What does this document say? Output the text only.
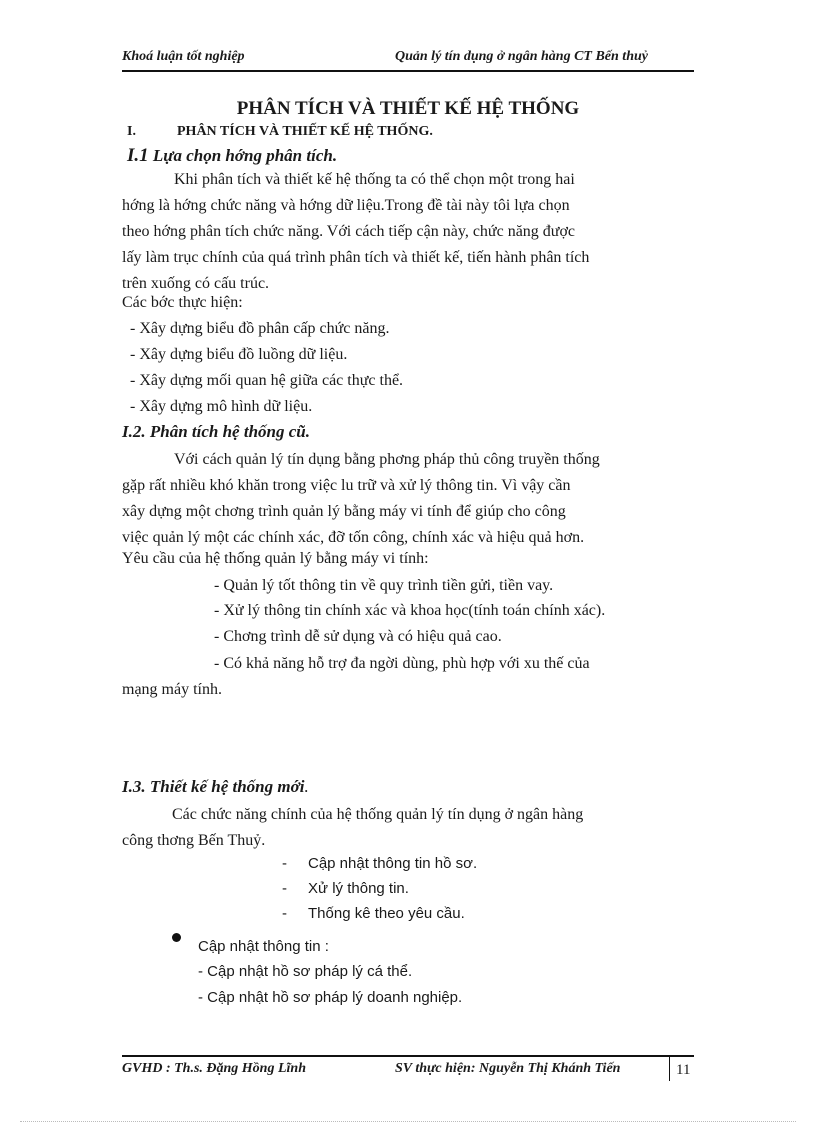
Khoá luận tốt nghiệp	Quản lý tín dụng ở ngân hàng CT Bến thuỷ
PHÂN TÍCH VÀ THIẾT KẾ HỆ THỐNG
I.	PHÂN TÍCH VÀ THIẾT KẾ HỆ THỐNG.
I.1 Lựa chọn hớng phân tích.
Khi phân tích và thiết kế hệ thống ta có thể chọn một trong hai
hớng là hớng chức năng và hớng dữ liệu.Trong đề tài này tôi lựa chọn
theo hớng phân tích chức năng. Với cách tiếp cận này, chức năng được
lấy làm trục chính của quá trình phân tích và thiết kế, tiến hành phân tích
trên xuống có cấu trúc.
Các bớc thực hiện:
- Xây dựng biểu đồ phân cấp chức năng.
- Xây dựng biểu đồ luồng dữ liệu.
- Xây dựng mối quan hệ giữa các thực thể.
- Xây dựng mô hình dữ liệu.
I.2. Phân tích hệ thống cũ.
Với cách quản lý tín dụng bằng phơng pháp thủ công truyền thống
gặp rất nhiều khó khăn trong việc lu trữ và xử lý thông tin. Vì vậy cần
xây dựng một chơng trình quản lý bằng máy vi tính để giúp cho công
việc quản lý một các chính xác, đỡ tốn công, chính xác và hiệu quả hơn.
Yêu cầu của hệ thống quản lý bằng máy vi tính:
- Quản lý tốt thông tin về quy trình tiền gửi, tiền vay.
- Xử lý thông tin chính xác và khoa học(tính toán chính xác).
- Chơng trình dễ sử dụng và có hiệu quả cao.
- Có khả năng hỗ trợ đa ngời dùng, phù hợp với xu thế của
mạng máy tính.
I.3. Thiết kế hệ thống mới.
Các chức năng chính của hệ thống quản lý tín dụng ở ngân hàng
công thơng Bến Thuỷ.
- Cập nhật thông tin hồ sơ.
- Xử lý thông tin.
- Thống kê theo yêu cầu.
Cập nhật thông tin :
- Cập nhật hồ sơ pháp lý cá thể.
- Cập nhật hồ sơ pháp lý doanh nghiệp.
GVHD : Th.s. Đặng Hồng Lĩnh	SV thực hiện: Nguyễn Thị Khánh Tiến	11
